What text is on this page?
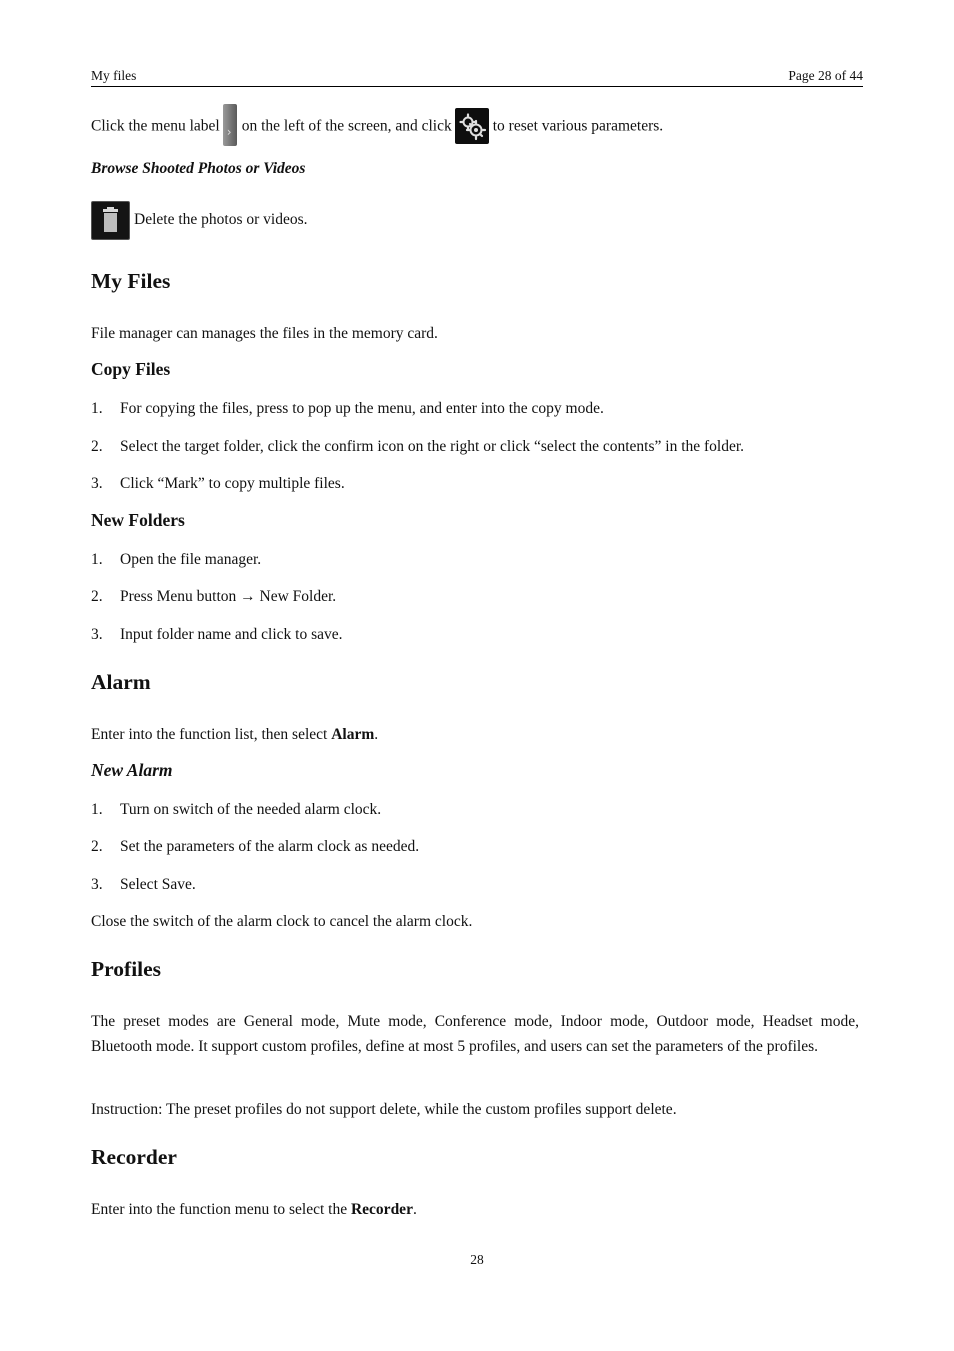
My files	Page 28 of 44
Click the menu label› on the left of the screen, and click	to reset various parameters.
Browse Shooted Photos or Videos
Delete the photos or videos.
My Files
File manager can manages the files in the memory card.
Copy Files
1. For copying the files, press to pop up the menu, and enter into the copy mode.
2. Select the target folder, click the confirm icon on the right or click “select the contents” in the folder.
3. Click “Mark” to copy multiple files.
New Folders
1. Open the file manager.
2. Press Menu button → New Folder.
3. Input folder name and click to save.
Alarm
Enter into the function list, then select Alarm.
New Alarm
1. Turn on switch of the needed alarm clock.
2. Set the parameters of the alarm clock as needed.
3. Select Save.
Close the switch of the alarm clock to cancel the alarm clock.
Profiles
The preset modes are General mode, Mute mode, Conference mode, Indoor mode, Outdoor mode, Headset mode, Bluetooth mode. It support custom profiles, define at most 5 profiles, and users can set the parameters of the profiles.
Instruction: The preset profiles do not support delete, while the custom profiles support delete.
Recorder
Enter into the function menu to select the Recorder.
28
